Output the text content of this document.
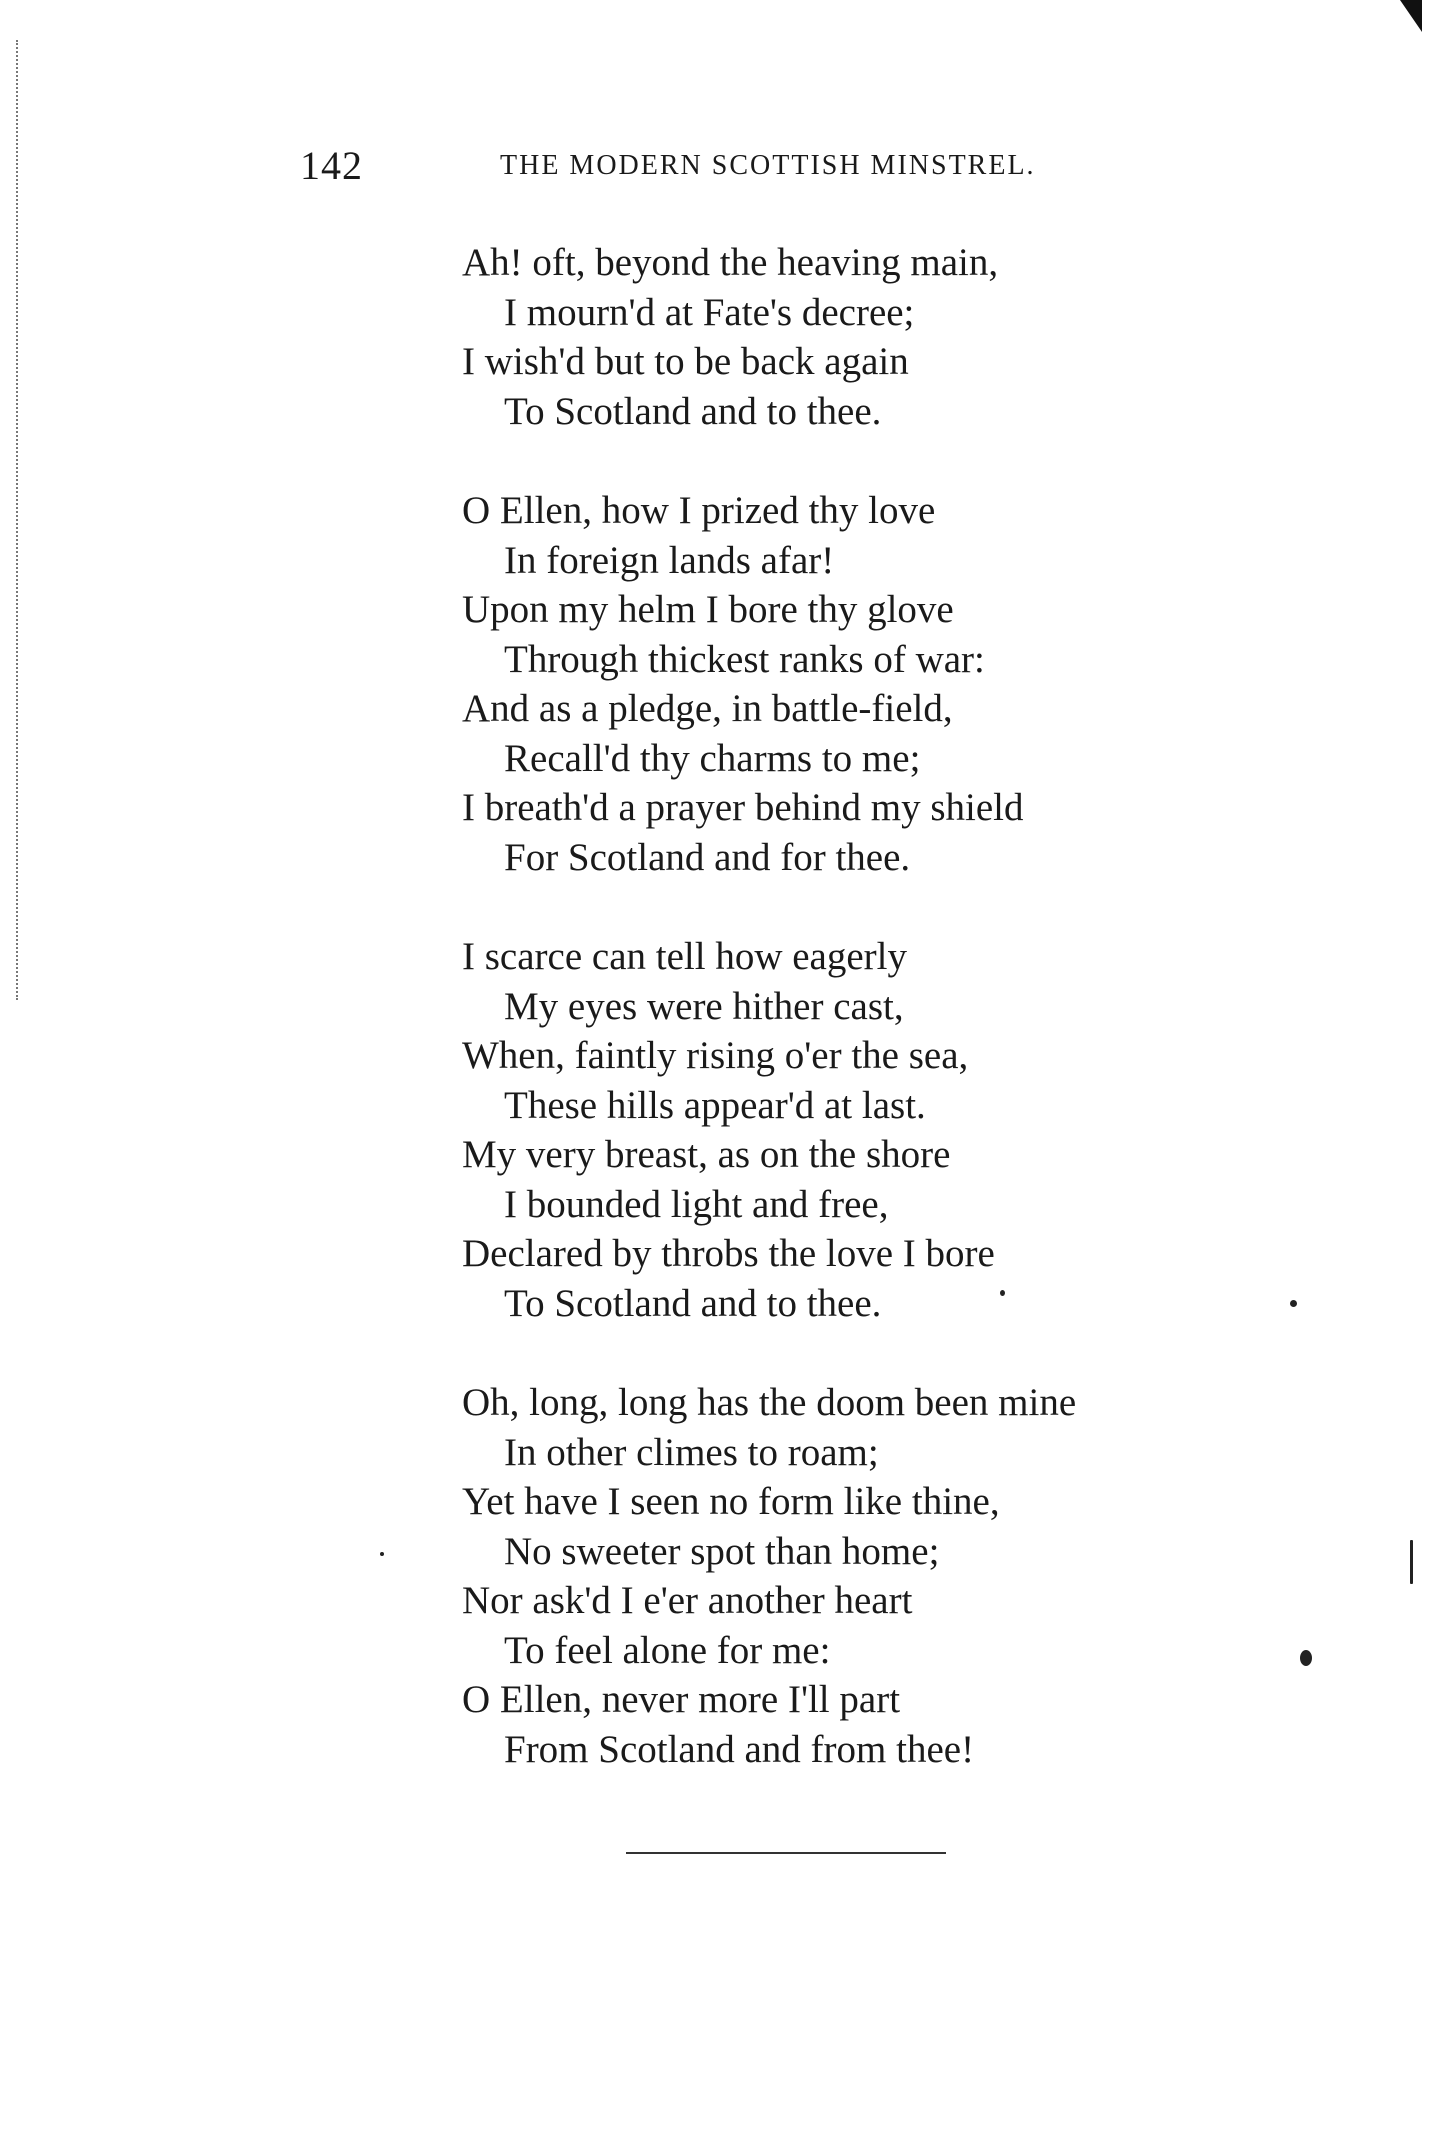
142	THE MODERN SCOTTISH MINSTREL.
Ah! oft, beyond the heaving main,
I mourn'd at Fate's decree;
I wish'd but to be back again
To Scotland and to thee.
O Ellen, how I prized thy love
In foreign lands afar!
Upon my helm I bore thy glove
Through thickest ranks of war:
And as a pledge, in battle-field,
Recall'd thy charms to me;
I breath'd a prayer behind my shield
For Scotland and for thee.
I scarce can tell how eagerly
My eyes were hither cast,
When, faintly rising o'er the sea,
These hills appear'd at last.
My very breast, as on the shore
I bounded light and free,
Declared by throbs the love I bore
To Scotland and to thee.
Oh, long, long has the doom been mine
In other climes to roam;
Yet have I seen no form like thine,
No sweeter spot than home;
Nor ask'd I e'er another heart
To feel alone for me:
O Ellen, never more I'll part
From Scotland and from thee!
